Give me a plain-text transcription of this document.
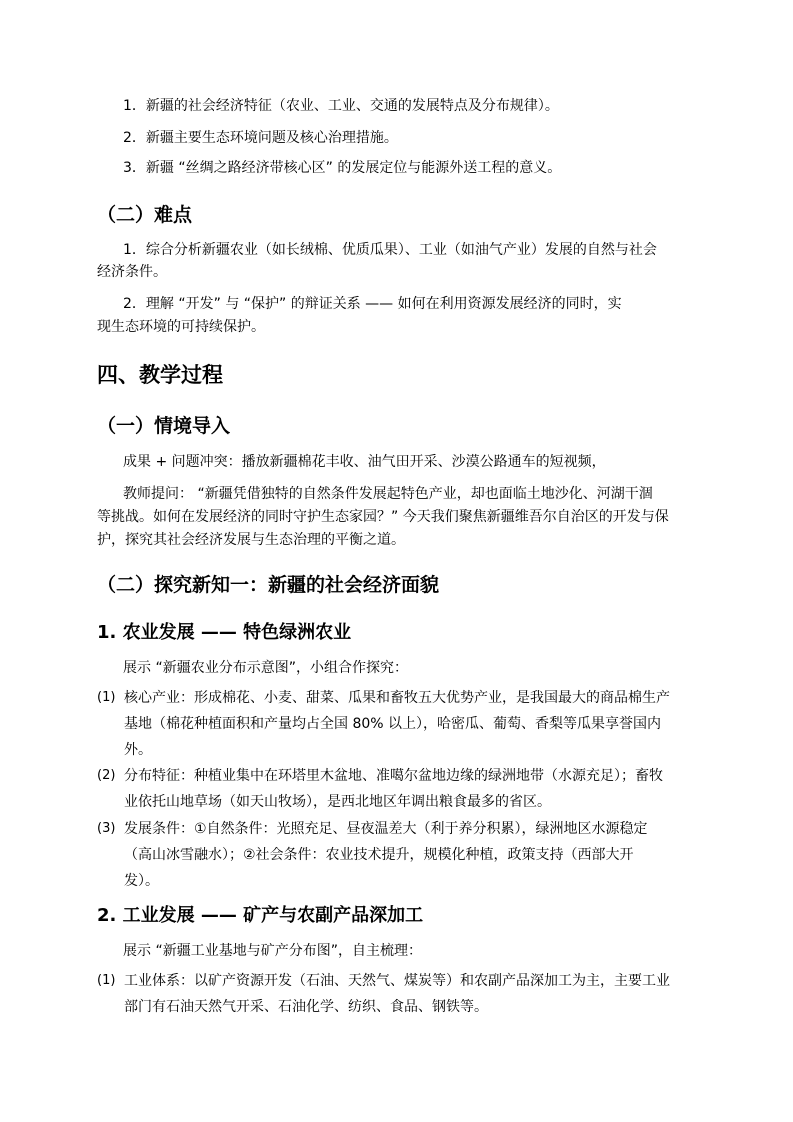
1．新疆的社会经济特征（农业、工业、交通的发展特点及分布规律）。
2．新疆主要生态环境问题及核心治理措施。
3．新疆 “丝绸之路经济带核心区” 的发展定位与能源外送工程的意义。
（二）难点
1．综合分析新疆农业（如长绒棉、优质瓜果）、工业（如油气产业）发展的自然与社会
经济条件。
2．理解 “开发” 与 “保护” 的辩证关系 —— 如何在利用资源发展经济的同时，实
现生态环境的可持续保护。
四、教学过程
（一）情境导入
成果 + 问题冲突：播放新疆棉花丰收、油气田开采、沙漠公路通车的短视频，
教师提问： “新疆凭借独特的自然条件发展起特色产业，却也面临土地沙化、河湖干涸
等挑战。如何在发展经济的同时守护生态家园？” 今天我们聚焦新疆维吾尔自治区的开发与保
护，探究其社会经济发展与生态治理的平衡之道。
（二）探究新知一：新疆的社会经济面貌
1. 农业发展 —— 特色绿洲农业
展示 “新疆农业分布示意图”，小组合作探究：
(1) 核心产业：形成棉花、小麦、甜菜、瓜果和畜牧五大优势产业，是我国最大的商品棉生产
基地（棉花种植面积和产量均占全国 80% 以上），哈密瓜、葡萄、香梨等瓜果享誉国内
外。
(2) 分布特征：种植业集中在环塔里木盆地、准噶尔盆地边缘的绿洲地带（水源充足）；畜牧
业依托山地草场（如天山牧场），是西北地区年调出粮食最多的省区。
(3) 发展条件：①自然条件：光照充足、昼夜温差大（利于养分积累），绿洲地区水源稳定
（高山冰雪融水）；②社会条件：农业技术提升，规模化种植，政策支持（西部大开
发）。
2. 工业发展 —— 矿产与农副产品深加工
展示 “新疆工业基地与矿产分布图”，自主梳理：
(1) 工业体系：以矿产资源开发（石油、天然气、煤炭等）和农副产品深加工为主，主要工业
部门有石油天然气开采、石油化学、纺织、食品、钢铁等。
